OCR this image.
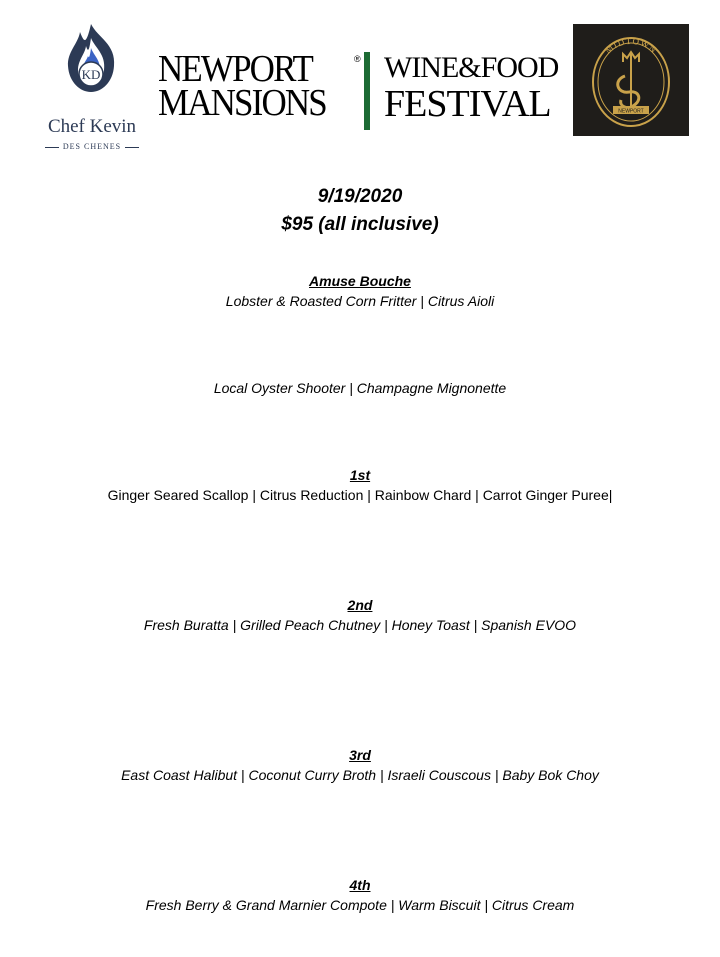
KD
Chef Kevin
DES CHENES
NEWPORT
MANSIONS
® WINE&FOOD
FESTIVAL
MIDTOWN
NEWPORT
9/19/2020
$95 (all inclusive)
Amuse Bouche
Lobster & Roasted Corn Fritter | Citrus Aioli
Local Oyster Shooter | Champagne Mignonette
1st
Ginger Seared Scallop | Citrus Reduction | Rainbow Chard | Carrot Ginger Puree|
2nd
Fresh Buratta | Grilled Peach Chutney | Honey Toast | Spanish EVOO
3rd
East Coast Halibut | Coconut Curry Broth | Israeli Couscous | Baby Bok Choy
4th
Fresh Berry & Grand Marnier Compote | Warm Biscuit | Citrus Cream
